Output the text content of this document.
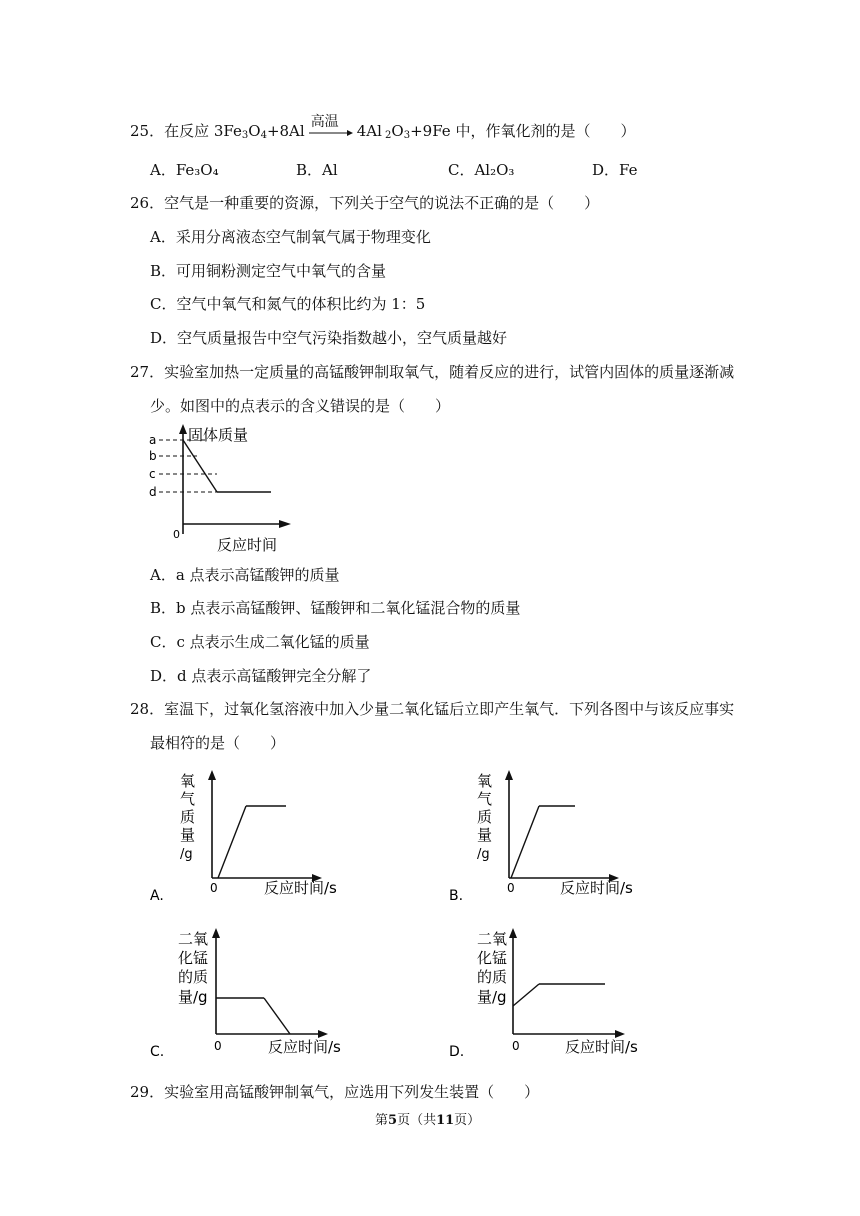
25．在反应 $3Fe_3O_4+8Al$ 高温 4Al $_2O_3+9Fe$ 中，作氧化剂的是（　　）
A．Fe₃O₄	B．Al	C．Al₂O₃	D．Fe
26．空气是一种重要的资源，下列关于空气的说法不正确的是（　　）
A．采用分离液态空气制氧气属于物理变化
B．可用铜粉测定空气中氧气的含量
C．空气中氧气和氮气的体积比约为 1：5
D．空气质量报告中空气污染指数越小，空气质量越好
27．实验室加热一定质量的高锰酸钾制取氧气，随着反应的进行，试管内固体的质量逐渐减
少。如图中的点表示的含义错误的是（　　）
a
b
c
d
固体质量
0
反应时间
A．a 点表示高锰酸钾的质量
B．b 点表示高锰酸钾、锰酸钾和二氧化锰混合物的质量
C．c 点表示生成二氧化锰的质量
D．d 点表示高锰酸钾完全分解了
28．室温下，过氧化氢溶液中加入少量二氧化锰后立即产生氧气．下列各图中与该反应事实
最相符的是（　　）
氧
气
质
量
/g
0	反应时间/s
A.
氧
气
质
量
/g
0	反应时间/s
B.
二氧
化锰
的质
量/g
0	反应时间/s
C.
二氧
化锰
的质
量/g
0	反应时间/s
D.
29．实验室用高锰酸钾制氧气，应选用下列发生装置（　　）
第5页（共11页）
